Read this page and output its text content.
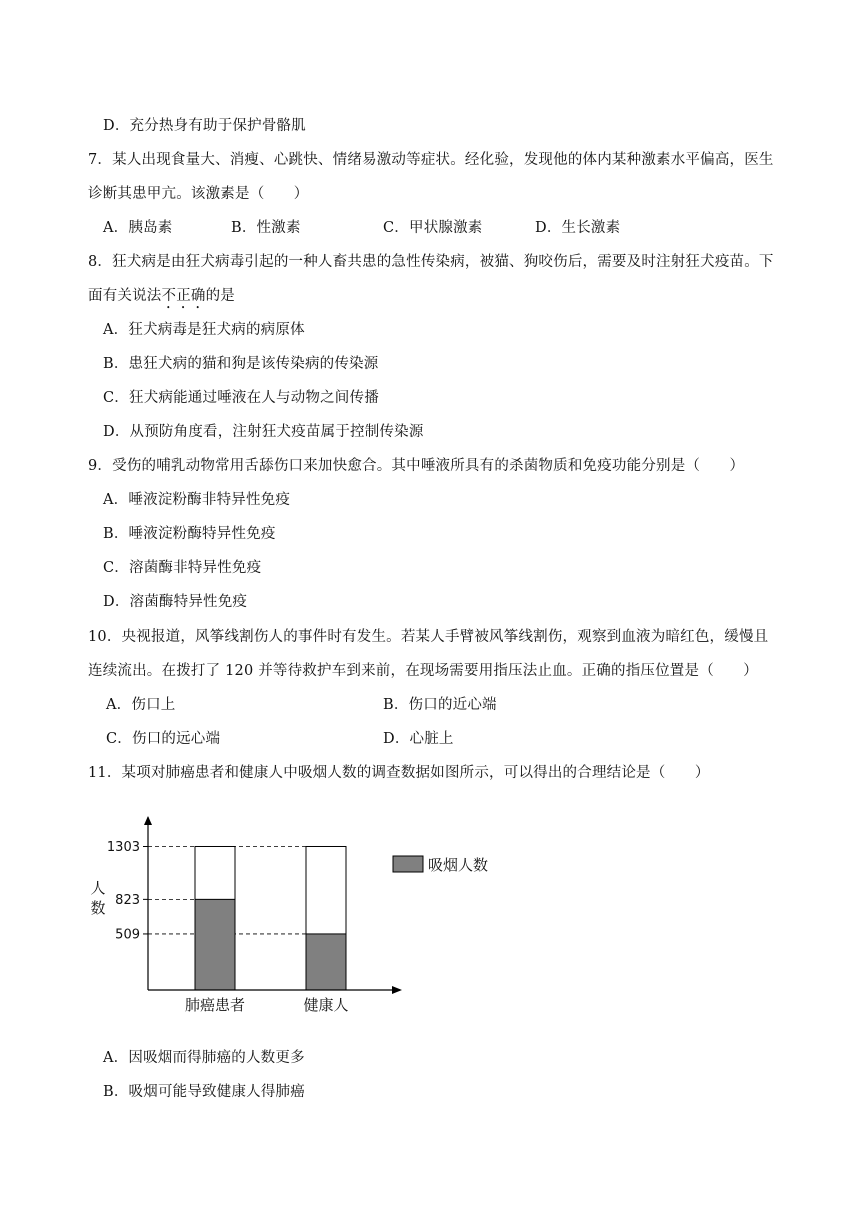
D．充分热身有助于保护骨骼肌
7．某人出现食量大、消瘦、心跳快、情绪易激动等症状。经化验，发现他的体内某种激素水平偏高，医生
诊断其患甲亢。该激素是（　　）
A．胰岛素	B．性激素	C．甲状腺激素	D．生长激素
8．狂犬病是由狂犬病毒引起的一种人畜共患的急性传染病，被猫、狗咬伤后，需要及时注射狂犬疫苗。下
面有关说法不正确的是
A．狂犬病毒是狂犬病的病原体
B．患狂犬病的猫和狗是该传染病的传染源
C．狂犬病能通过唾液在人与动物之间传播
D．从预防角度看，注射狂犬疫苗属于控制传染源
9．受伤的哺乳动物常用舌舔伤口来加快愈合。其中唾液所具有的杀菌物质和免疫功能分别是（　　）
A．唾液淀粉酶非特异性免疫
B．唾液淀粉酶特异性免疫
C．溶菌酶非特异性免疫
D．溶菌酶特异性免疫
10．央视报道，风筝线割伤人的事件时有发生。若某人手臂被风筝线割伤，观察到血液为暗红色，缓慢且
连续流出。在拨打了 120 并等待救护车到来前，在现场需要用指压法止血。正确的指压位置是（　　）
A．伤口上	B．伤口的近心端
C．伤口的远心端	D．心脏上
11．某项对肺癌患者和健康人中吸烟人数的调查数据如图所示，可以得出的合理结论是（　　）
509
823
1303
肺癌患者	健康人
人
数
吸烟人数
A．因吸烟而得肺癌的人数更多
B．吸烟可能导致健康人得肺癌
